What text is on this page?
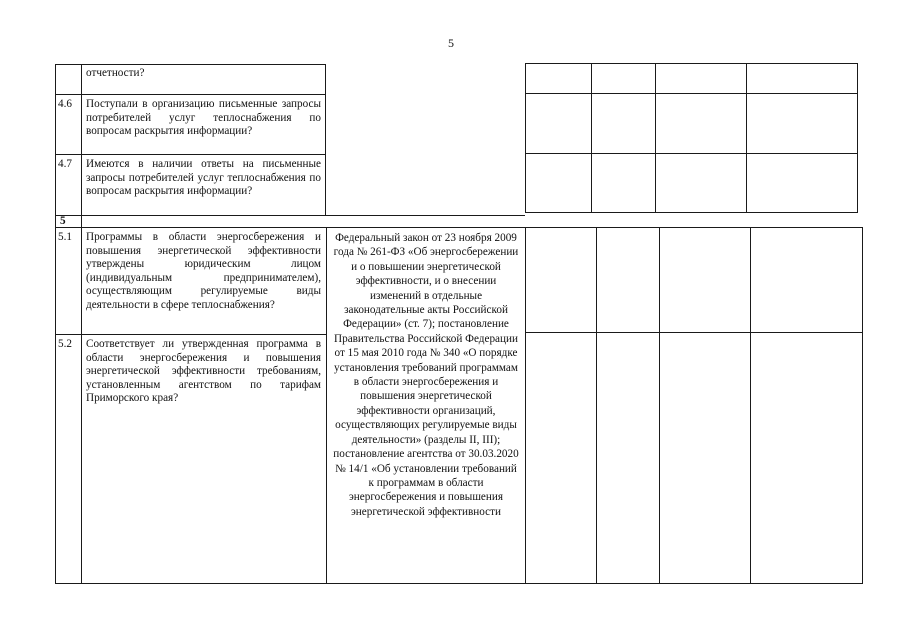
5
отчетности?
4.6 Поступали в организацию письменные запросы потребителей услуг теплоснабжения по вопросам раскрытия информации?
4.7 Имеются в наличии ответы на письменные запросы потребителей услуг теплоснабжения по вопросам раскрытия информации?
5
5.1 Программы в области энергосбережения и повышения энергетической эффективности утверждены юридическим лицом (индивидуальным предпринимателем), осуществляющим регулируемые виды деятельности в сфере теплоснабжения?
5.2 Соответствует ли утвержденная программа в области энергосбережения и повышения энергетической эффективности требованиям, установленным агентством по тарифам Приморского края?
Федеральный закон от 23 ноября 2009 года № 261-ФЗ «Об энергосбережении и о повышении энергетической эффективности, и о внесении изменений в отдельные законодательные акты Российской Федерации» (ст. 7); постановление Правительства Российской Федерации от 15 мая 2010 года № 340 «О порядке установления требований программам в области энергосбережения и повышения энергетической эффективности организаций, осуществляющих регулируемые виды деятельности» (разделы II, III); постановление агентства от 30.03.2020 № 14/1 «Об установлении требований к программам в области энергосбережения и повышения энергетической эффективности
